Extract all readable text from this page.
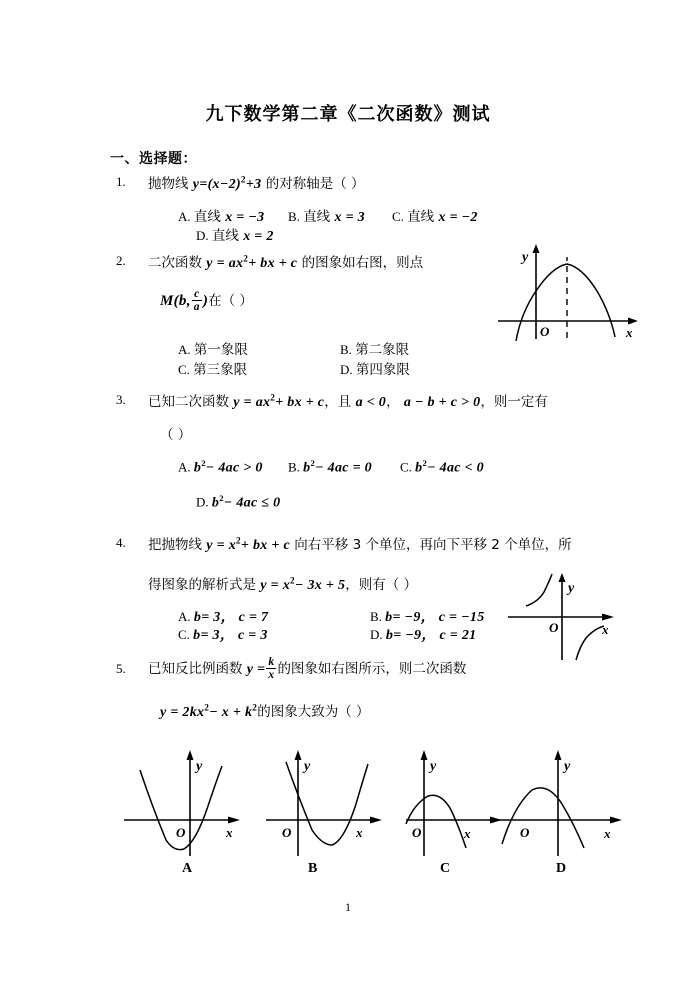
九下数学第二章《二次函数》测试
一、选择题：
1. 抛物线 $y=(x-2)^2+3$ 的对称轴是（ ）
A. 直线 x = −3 B. 直线 x = 3 C. 直线 x = −2
D. 直线 x = 2
2. 二次函数 $y = ax^2+$ bx + c 的图象如右图，则点
M(b, $\frac{c}{a}$ )在（ ）
A. 第一象限	B. 第二象限
C. 第三象限	D. 第四象限
y
x
O
3. 已知二次函数 $y = ax^2+$ bx + c，且 a < 0， a − b + c > 0，则一定有
（ ）
A. $b^2- 4ac > 0$ B. $b^2- 4ac = 0$ C. $b^2- 4ac < 0$
D. $b^2- 4ac \le 0$
4. 把抛物线 $y = x^2+$ bx + c 向右平移 3 个单位，再向下平移 2 个单位，所
得图象的解析式是 $y = x^2- 3x + 5$，则有（ ）
A. b= 3， c = 7	B. b= −9， c = −15
C. b= 3， c = 3	D. b= −9， c = 21
y
x
O
5. 已知反比例函数 $y = \frac{k}{x}$ 的图象如右图所示，则二次函数
$y = 2kx^2- x + k^2$的图象大致为（ ）
y
x
O
A
y
x
O
B
y
x
O
C
y
x
O
D
1
